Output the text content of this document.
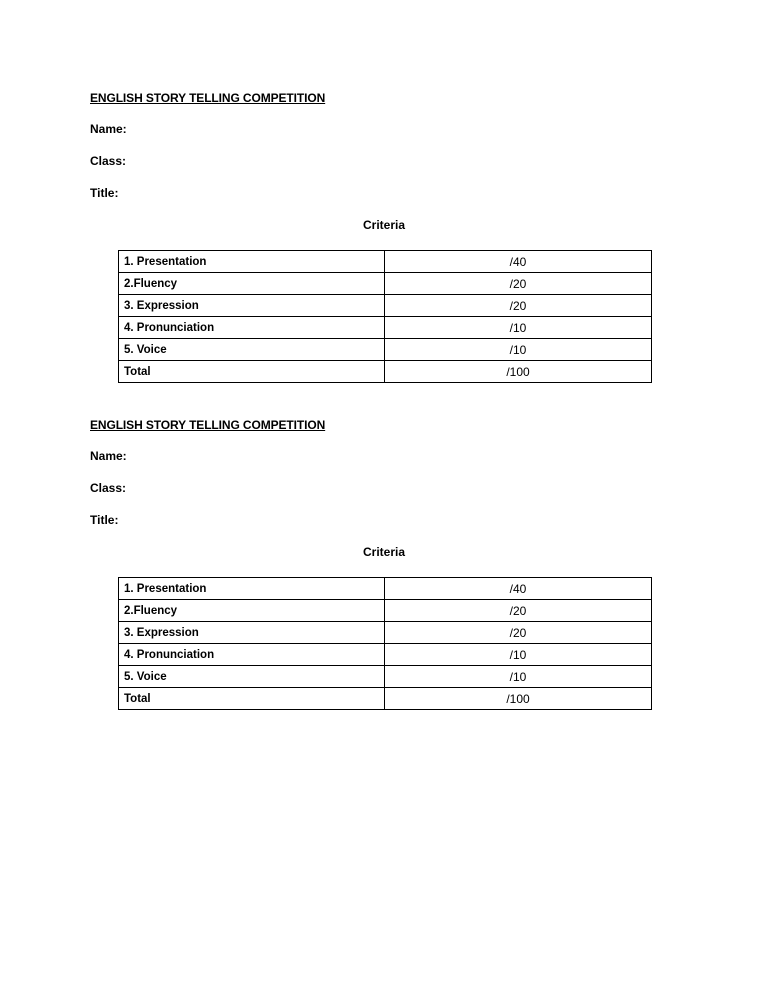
ENGLISH STORY TELLING COMPETITION
Name:
Class:
Title:
Criteria
1. Presentation	/40
2.Fluency	/20
3. Expression	/20
4. Pronunciation	/10
5. Voice	/10
Total	/100
ENGLISH STORY TELLING COMPETITION
Name:
Class:
Title:
Criteria
1. Presentation	/40
2.Fluency	/20
3. Expression	/20
4. Pronunciation	/10
5. Voice	/10
Total	/100
